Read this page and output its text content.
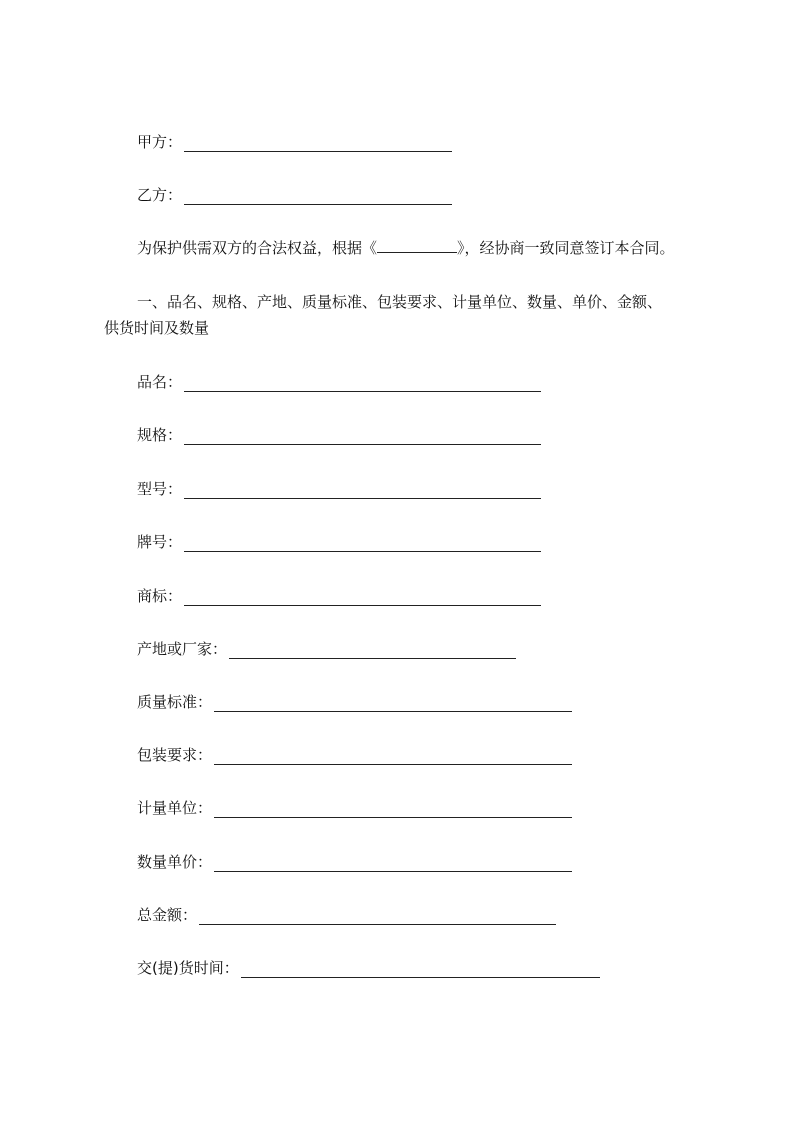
甲方：
乙方：
为保护供需双方的合法权益，根据《	》，经协商一致同意签订本合同。
一、品名、规格、产地、质量标准、包装要求、计量单位、数量、单价、金额、
供货时间及数量
品名：
规格：
型号：
牌号：
商标：
产地或厂家：
质量标准：
包装要求：
计量单位：
数量单价：
总金额：
交(提)货时间：
